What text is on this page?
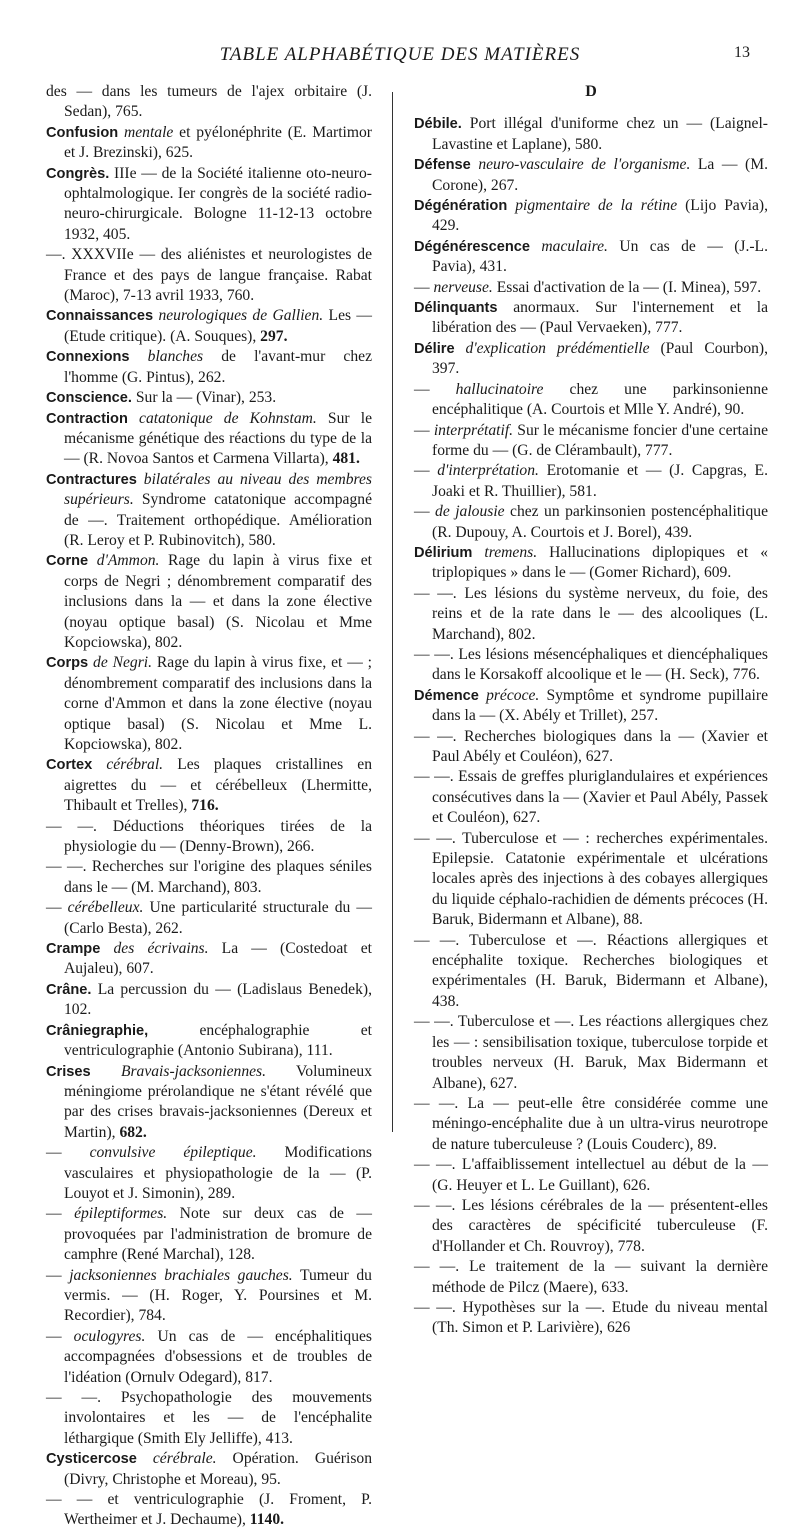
TABLE ALPHABÉTIQUE DES MATIÈRES	13

des — dans les tumeurs de l'ajex orbitaire (J. Sedan), 765.

Confusion mentale et pyélonéphrite (E. Martimor et J. Brezinski), 625.

Congrès. IIIe — de la Société italienne oto-neuro-ophtalmologique. Ier congrès de la société radio-neuro-chirurgicale. Bologne 11-12-13 octobre 1932, 405.

—. XXXVIIe — des aliénistes et neurologistes de France et des pays de langue française. Rabat (Maroc), 7-13 avril 1933, 760.

Connaissances neurologiques de Gallien. Les — (Etude critique). (A. Souques), 297.

Connexions blanches de l'avant-mur chez l'homme (G. Pintus), 262.

Conscience. Sur la — (Vinar), 253.

Contraction catatonique de Kohnstam. Sur le mécanisme génétique des réactions du type de la — (R. Novoa Santos et Carmena Villarta), 481.

Contractures bilatérales au niveau des membres supérieurs. Syndrome catatonique accompagné de —. Traitement orthopédique. Amélioration (R. Leroy et P. Rubinovitch), 580.

Corne d'Ammon. Rage du lapin à virus fixe et corps de Negri ; dénombrement comparatif des inclusions dans la — et dans la zone élective (noyau optique basal) (S. Nicolau et Mme Kopciowska), 802.

Corps de Negri. Rage du lapin à virus fixe, et — ; dénombrement comparatif des inclusions dans la corne d'Ammon et dans la zone élective (noyau optique basal) (S. Nicolau et Mme L. Kopciowska), 802.

Cortex cérébral. Les plaques cristallines en aigrettes du — et cérébelleux (Lhermitte, Thibault et Trelles), 716.

— —. Déductions théoriques tirées de la physiologie du — (Denny-Brown), 266.

— —. Recherches sur l'origine des plaques séniles dans le — (M. Marchand), 803.

— cérébelleux. Une particularité structurale du — (Carlo Besta), 262.

Crampe des écrivains. La — (Costedoat et Aujaleu), 607.

Crâne. La percussion du — (Ladislaus Benedek), 102.

Crâniegraphie, encéphalographie et ventriculographie (Antonio Subirana), 111.

Crises Bravais-jacksoniennes. Volumineux méningiome prérolandique ne s'étant révélé que par des crises bravais-jacksoniennes (Dereux et Martin), 682.

— convulsive épileptique. Modifications vasculaires et physiopathologie de la — (P. Louyot et J. Simonin), 289.

— épileptiformes. Note sur deux cas de — provoquées par l'administration de bromure de camphre (René Marchal), 128.

— jacksoniennes brachiales gauches. Tumeur du vermis. — (H. Roger, Y. Poursines et M. Recordier), 784.

— oculogyres. Un cas de — encéphalitiques accompagnées d'obsessions et de troubles de l'idéation (Ornulv Odegard), 817.

— —. Psychopathologie des mouvements involontaires et les — de l'encéphalite léthargique (Smith Ely Jelliffe), 413.

Cysticercose cérébrale. Opération. Guérison (Divry, Christophe et Moreau), 95.

— — et ventriculographie (J. Froment, P. Wertheimer et J. Dechaume), 1140.

D

Débile. Port illégal d'uniforme chez un — (Laignel-Lavastine et Laplane), 580.

Défense neuro-vasculaire de l'organisme. La — (M. Corone), 267.

Dégénération pigmentaire de la rétine (Lijo Pavia), 429.

Dégénérescence maculaire. Un cas de — (J.-L. Pavia), 431.

— nerveuse. Essai d'activation de la — (I. Minea), 597.

Délinquants anormaux. Sur l'internement et la libération des — (Paul Vervaeken), 777.

Délire d'explication prédémentielle (Paul Courbon), 397.

— hallucinatoire chez une parkinsonienne encéphalitique (A. Courtois et Mlle Y. André), 90.

— interprétatif. Sur le mécanisme foncier d'une certaine forme du — (G. de Clérambault), 777.

— d'interprétation. Erotomanie et — (J. Capgras, E. Joaki et R. Thuillier), 581.

— de jalousie chez un parkinsonien postencéphalitique (R. Dupouy, A. Courtois et J. Borel), 439.

Délirium tremens. Hallucinations diplopiques et « triplopiques » dans le — (Gomer Richard), 609.

— —. Les lésions du système nerveux, du foie, des reins et de la rate dans le — des alcooliques (L. Marchand), 802.

— —. Les lésions mésencéphaliques et diencéphaliques dans le Korsakoff alcoolique et le — (H. Seck), 776.

Démence précoce. Symptôme et syndrome pupillaire dans la — (X. Abély et Trillet), 257.

— —. Recherches biologiques dans la — (Xavier et Paul Abély et Couléon), 627.

— —. Essais de greffes pluriglandulaires et expériences consécutives dans la — (Xavier et Paul Abély, Passek et Couléon), 627.

— —. Tuberculose et — : recherches expérimentales. Epilepsie. Catatonie expérimentale et ulcérations locales après des injections à des cobayes allergiques du liquide céphalo-rachidien de déments précoces (H. Baruk, Bidermann et Albane), 88.

— —. Tuberculose et —. Réactions allergiques et encéphalite toxique. Recherches biologiques et expérimentales (H. Baruk, Bidermann et Albane), 438.

— —. Tuberculose et —. Les réactions allergiques chez les — : sensibilisation toxique, tuberculose torpide et troubles nerveux (H. Baruk, Max Bidermann et Albane), 627.

— —. La — peut-elle être considérée comme une méningo-encéphalite due à un ultra-virus neurotrope de nature tuberculeuse ? (Louis Couderc), 89.

— —. L'affaiblissement intellectuel au début de la — (G. Heuyer et L. Le Guillant), 626.

— —. Les lésions cérébrales de la — présentent-elles des caractères de spécificité tuberculeuse (F. d'Hollander et Ch. Rouvroy), 778.

— —. Le traitement de la — suivant la dernière méthode de Pilcz (Maere), 633.

— —. Hypothèses sur la —. Etude du niveau mental (Th. Simon et P. Larivière), 626
